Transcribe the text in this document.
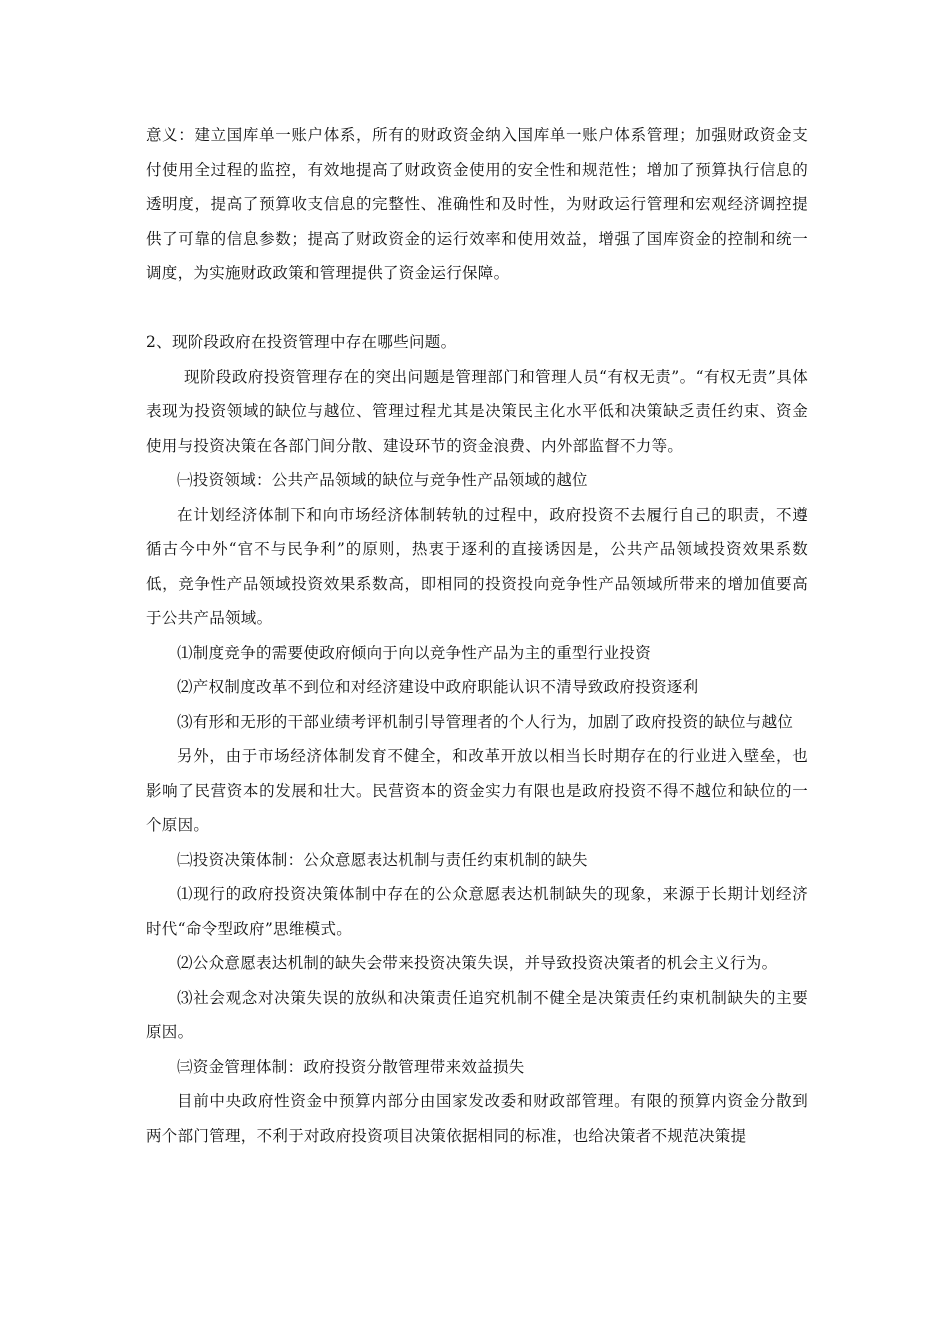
意义：建立国库单一账户体系，所有的财政资金纳入国库单一账户体系管理；加强财政资金支付使用全过程的监控，有效地提高了财政资金使用的安全性和规范性；增加了预算执行信息的透明度，提高了预算收支信息的完整性、准确性和及时性，为财政运行管理和宏观经济调控提供了可靠的信息参数；提高了财政资金的运行效率和使用效益，增强了国库资金的控制和统一调度，为实施财政政策和管理提供了资金运行保障。

2、现阶段政府在投资管理中存在哪些问题。

现阶段政府投资管理存在的突出问题是管理部门和管理人员“有权无责”。“有权无责”具体表现为投资领域的缺位与越位、管理过程尤其是决策民主化水平低和决策缺乏责任约束、资金使用与投资决策在各部门间分散、建设环节的资金浪费、内外部监督不力等。

㈠投资领域：公共产品领域的缺位与竞争性产品领域的越位

在计划经济体制下和向市场经济体制转轨的过程中，政府投资不去履行自己的职责，不遵循古今中外“官不与民争利”的原则，热衷于逐利的直接诱因是，公共产品领域投资效果系数低，竞争性产品领域投资效果系数高，即相同的投资投向竞争性产品领域所带来的增加值要高于公共产品领域。

⑴制度竞争的需要使政府倾向于向以竞争性产品为主的重型行业投资

⑵产权制度改革不到位和对经济建设中政府职能认识不清导致政府投资逐利

⑶有形和无形的干部业绩考评机制引导管理者的个人行为，加剧了政府投资的缺位与越位

另外，由于市场经济体制发育不健全，和改革开放以相当长时期存在的行业进入壁垒，也影响了民营资本的发展和壮大。民营资本的资金实力有限也是政府投资不得不越位和缺位的一个原因。

㈡投资决策体制：公众意愿表达机制与责任约束机制的缺失

⑴现行的政府投资决策体制中存在的公众意愿表达机制缺失的现象，来源于长期计划经济时代“命令型政府”思维模式。

⑵公众意愿表达机制的缺失会带来投资决策失误，并导致投资决策者的机会主义行为。

⑶社会观念对决策失误的放纵和决策责任追究机制不健全是决策责任约束机制缺失的主要原因。

㈢资金管理体制：政府投资分散管理带来效益损失

目前中央政府性资金中预算内部分由国家发改委和财政部管理。有限的预算内资金分散到两个部门管理，不利于对政府投资项目决策依据相同的标准，也给决策者不规范决策提
